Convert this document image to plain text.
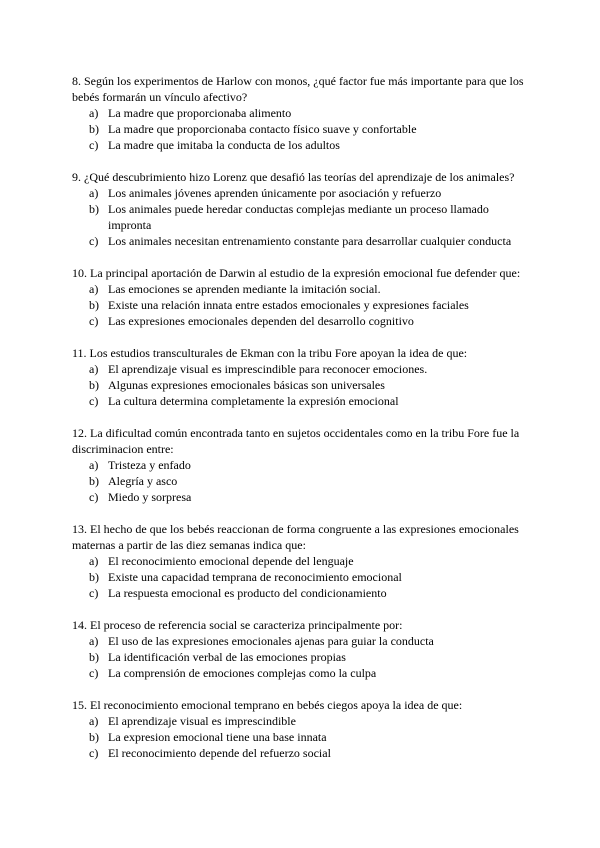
8. Según los experimentos de Harlow con monos, ¿qué factor fue más importante para que los bebés formarán un vínculo afectivo?

a) La madre que proporcionaba alimento
b) La madre que proporcionaba contacto físico suave y confortable
c) La madre que imitaba la conducta de los adultos

9. ¿Qué descubrimiento hizo Lorenz que desafió las teorías del aprendizaje de los animales?

a) Los animales jóvenes aprenden únicamente por asociación y refuerzo
b) Los animales puede heredar conductas complejas mediante un proceso llamado impronta
c) Los animales necesitan entrenamiento constante para desarrollar cualquier conducta

10. La principal aportación de Darwin al estudio de la expresión emocional fue defender que:

a) Las emociones se aprenden mediante la imitación social.
b) Existe una relación innata entre estados emocionales y expresiones faciales
c) Las expresiones emocionales dependen del desarrollo cognitivo

11. Los estudios transculturales de Ekman con la tribu Fore apoyan la idea de que:

a) El aprendizaje visual es imprescindible para reconocer emociones.
b) Algunas expresiones emocionales básicas son universales
c) La cultura determina completamente la expresión emocional

12. La dificultad común encontrada tanto en sujetos occidentales como en la tribu Fore fue la discriminacion entre:

a) Tristeza y enfado
b) Alegría y asco
c) Miedo y sorpresa

13. El hecho de que los bebés reaccionan de forma congruente a las expresiones emocionales maternas a partir de las diez semanas indica que:

a) El reconocimiento emocional depende del lenguaje
b) Existe una capacidad temprana de reconocimiento emocional
c) La respuesta emocional es producto del condicionamiento

14. El proceso de referencia social se caracteriza principalmente por:

a) El uso de las expresiones emocionales ajenas para guiar la conducta
b) La identificación verbal de las emociones propias
c) La comprensión de emociones complejas como la culpa

15. El reconocimiento emocional temprano en bebés ciegos apoya la idea de que:

a) El aprendizaje visual es imprescindible
b) La expresion emocional tiene una base innata
c) El reconocimiento depende del refuerzo social
